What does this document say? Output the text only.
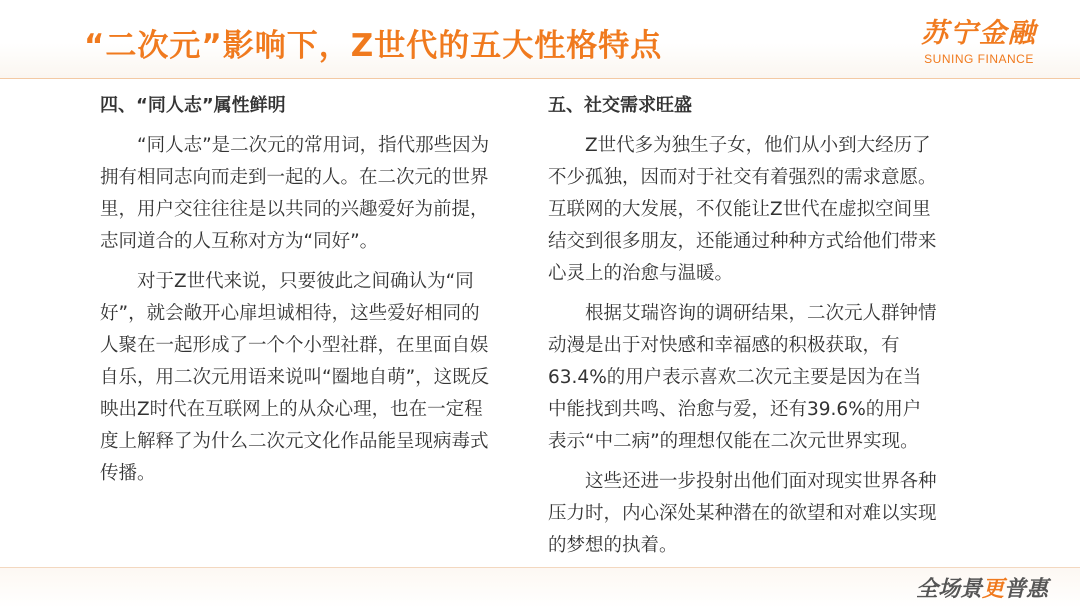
“二次元”影响下，Z世代的五大性格特点	苏宁金融
SUNING FINANCE
四、“同人志”属性鲜明

“同人志”是二次元的常用词，指代那些因为拥有相同志向而走到一起的人。在二次元的世界里，用户交往往往是以共同的兴趣爱好为前提，志同道合的人互称对方为“同好”。

对于Z世代来说，只要彼此之间确认为“同好”，就会敞开心扉坦诚相待，这些爱好相同的人聚在一起形成了一个个小型社群，在里面自娱自乐，用二次元用语来说叫“圈地自萌”，这既反映出Z时代在互联网上的从众心理，也在一定程度上解释了为什么二次元文化作品能呈现病毒式传播。

五、社交需求旺盛

Z世代多为独生子女，他们从小到大经历了不少孤独，因而对于社交有着强烈的需求意愿。互联网的大发展，不仅能让Z世代在虚拟空间里结交到很多朋友，还能通过种种方式给他们带来心灵上的治愈与温暖。

根据艾瑞咨询的调研结果，二次元人群钟情动漫是出于对快感和幸福感的积极获取，有63.4%的用户表示喜欢二次元主要是因为在当中能找到共鸣、治愈与爱，还有39.6%的用户表示“中二病”的理想仅能在二次元世界实现。

这些还进一步投射出他们面对现实世界各种压力时，内心深处某种潜在的欲望和对难以实现的梦想的执着。

全场景更普惠
